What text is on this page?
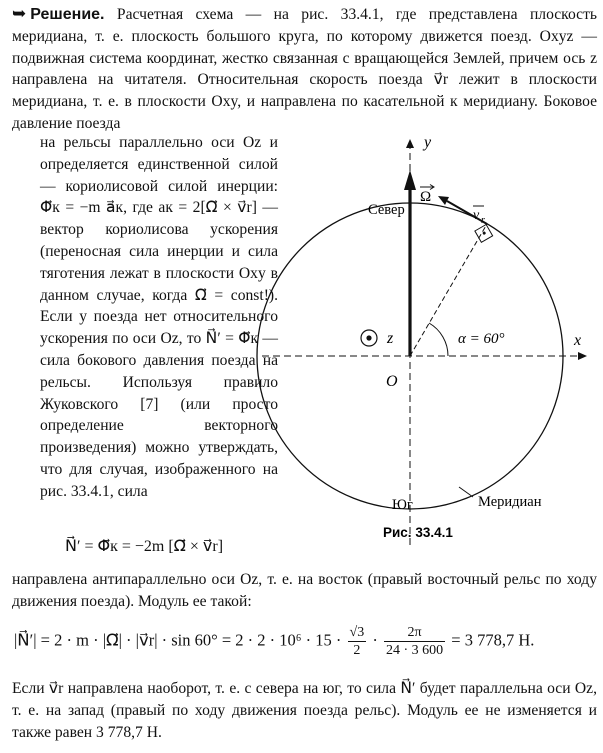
➥ Решение. Расчетная схема — на рис. 33.4.1, где представлена плоскость меридиана, т. е. плоскость большого круга, по которому движется поезд. Oxyz — подвижная система координат, жестко связанная с вращающейся Землей, причем ось z направлена на читателя. Относительная скорость поезда v⃗r лежит в плоскости меридиана, т. е. в плоскости Oxy, и направлена по касательной к меридиану. Боковое давление поезда
на рельсы параллельно оси Oz и определяется единственной силой — кориолисовой силой инерции: Φ⃗к = −m a⃗к, где aк = 2[Ω⃗ × v⃗r] — вектор кориолисова ускорения (переносная сила инерции и сила тяготения лежат в плоскости Oxy в данном случае, когда Ω⃗ = const!). Если у поезда нет относительного ускорения по оси Oz, то N⃗′ = Φ⃗к — сила бокового давления поезда на рельсы. Используя правило Жуковского [7] (или просто определение векторного произведения) можно утверждать, что для случая, изображенного на рис. 33.4.1, сила
N⃗′ = Φ⃗к = −2m [Ω⃗ × v⃗r]
направлена антипараллельно оси Oz, т. е. на восток (правый восточный рельс по ходу движения поезда). Модуль ее такой:
|N⃗′| = 2 · m · |Ω⃗| · |v⃗r| · $\sin 60^\circ = 2 \cdot 2 \cdot 10^6 \cdot 15 \cdot \frac{√3}{2} \cdot \frac{2\pi}{24 \cdot 3 600} = 3$ 778,7 Н.
Если v⃗r направлена наоборот, т. е. с севера на юг, то сила N⃗′ будет параллельна оси Oz, т. е. на запад (правый по ходу движения поезда рельс). Модуль ее не изменяется и также равен 3 778,7 Н.
y
x
z
O
Север
Юг	Меридиан
Ω
v r
α = 60°
Рис. 33.4.1
